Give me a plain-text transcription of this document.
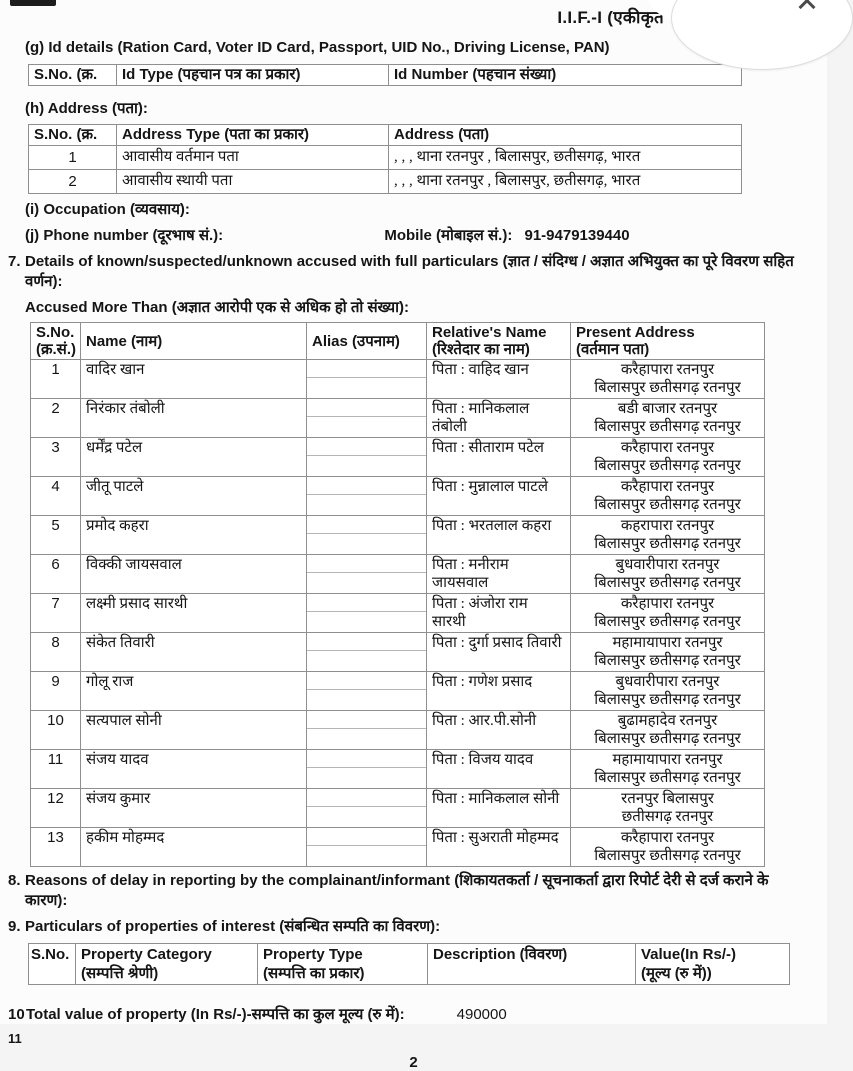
I.I.F.-I (एकीकृत
(g) Id details (Ration Card, Voter ID Card, Passport, UID No., Driving License, PAN)
S.No. (क्र.	Id Type (पहचान पत्र का प्रकार)	Id Number (पहचान संख्या)
(h) Address (पता):
S.No. (क्र.	Address Type (पता का प्रकार)	Address (पता)
1	आवासीय वर्तमान पता	, , , थाना रतनपुर , बिलासपुर, छतीसगढ़, भारत
2	आवासीय स्थायी पता	, , , थाना रतनपुर , बिलासपुर, छतीसगढ़, भारत
(i) Occupation (व्यवसाय):
(j) Phone number (दूरभाष सं.):	Mobile (मोबाइल सं.): 91-9479139440
7. Details of known/suspected/unknown accused with full particulars (ज्ञात / संदिग्ध / अज्ञात अभियुक्त का पूरे विवरण सहित वर्णन):
Accused More Than (अज्ञात आरोपी एक से अधिक हो तो संख्या):
S.No.
(क्र.सं.)	Name (नाम)	Alias (उपनाम)	Relative's Name
(रिश्तेदार का नाम)	Present Address
(वर्तमान पता)
1	वादिर खान		पिता : वाहिद खान	करैहापारा रतनपुर
बिलासपुर छतीसगढ़ रतनपुर
2	निरंकार तंबोली		पिता : मानिकलाल तंबोली	बडी बाजार रतनपुर
बिलासपुर छतीसगढ़ रतनपुर
3	धर्मेंद्र पटेल		पिता : सीताराम पटेल	करैहापारा रतनपुर
बिलासपुर छतीसगढ़ रतनपुर
4	जीतू पाटले		पिता : मुन्नालाल पाटले	करैहापारा रतनपुर
बिलासपुर छतीसगढ़ रतनपुर
5	प्रमोद कहरा		पिता : भरतलाल कहरा	कहरापारा रतनपुर
बिलासपुर छतीसगढ़ रतनपुर
6	विक्की जायसवाल		पिता : मनीराम जायसवाल	बुधवारीपारा रतनपुर
बिलासपुर छतीसगढ़ रतनपुर
7	लक्ष्मी प्रसाद सारथी		पिता : अंजोरा राम सारथी	करैहापारा रतनपुर
बिलासपुर छतीसगढ़ रतनपुर
8	संकेत तिवारी		पिता : दुर्गा प्रसाद तिवारी	महामायापारा रतनपुर
बिलासपुर छतीसगढ़ रतनपुर
9	गोलू राज		पिता : गणेश प्रसाद	बुधवारीपारा रतनपुर
बिलासपुर छतीसगढ़ रतनपुर
10	सत्यपाल सोनी		पिता : आर.पी.सोनी	बुढामहादेव रतनपुर
बिलासपुर छतीसगढ़ रतनपुर
11	संजय यादव		पिता : विजय यादव	महामायापारा रतनपुर
बिलासपुर छतीसगढ़ रतनपुर
12	संजय कुमार		पिता : मानिकलाल सोनी	रतनपुर बिलासपुर
छतीसगढ़ रतनपुर
13	हकीम मोहम्मद		पिता : सुअराती मोहम्मद	करैहापारा रतनपुर
बिलासपुर छतीसगढ़ रतनपुर
8. Reasons of delay in reporting by the complainant/informant (शिकायतकर्ता / सूचनाकर्ता द्वारा रिपोर्ट देरी से दर्ज कराने के कारण):
9. Particulars of properties of interest (संबन्धित सम्पति का विवरण):
S.No.	Property Category
(सम्पत्ति श्रेणी)	Property Type
(सम्पत्ति का प्रकार)	Description (विवरण)	Value(In Rs/-)
(मूल्य (रु में))
10 Total value of property (In Rs/-)-सम्पत्ति का कुल मूल्य (रु में):	490000
11
2
